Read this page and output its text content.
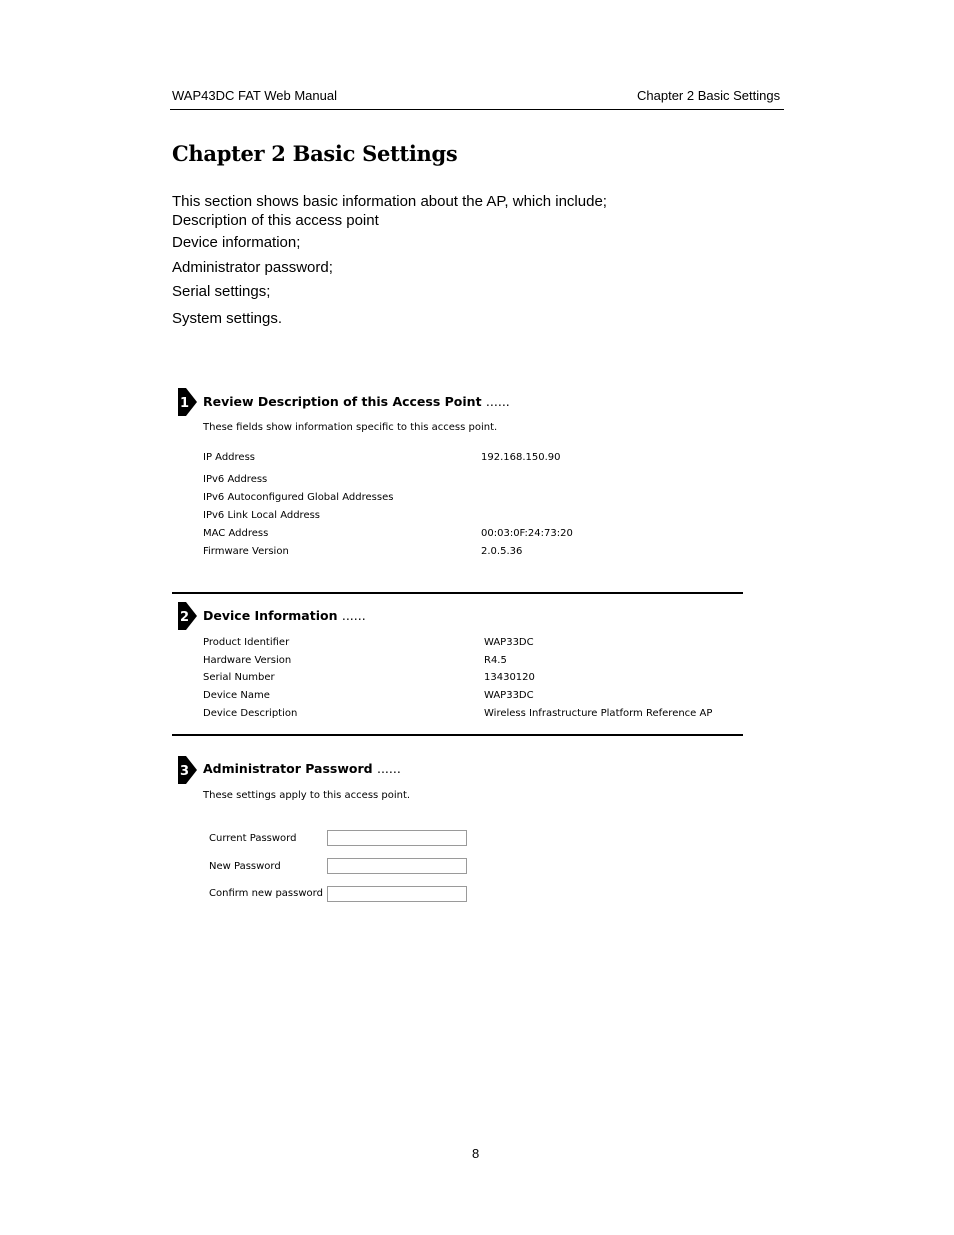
WAP43DC FAT Web Manual	Chapter 2 Basic Settings
Chapter 2 Basic Settings
This section shows basic information about the AP, which include;
Description of this access point
Device information;
Administrator password;
Serial settings;
System settings.
1 Review Description of this Access Point ......
These fields show information specific to this access point.
IP Address	192.168.150.90
IPv6 Address
IPv6 Autoconfigured Global Addresses
IPv6 Link Local Address
MAC Address	00:03:0F:24:73:20
Firmware Version	2.0.5.36
2 Device Information ......
Product Identifier	WAP33DC
Hardware Version	R4.5
Serial Number	13430120
Device Name	WAP33DC
Device Description	Wireless Infrastructure Platform Reference AP
3 Administrator Password ......
These settings apply to this access point.
Current Password
New Password
Confirm new password
8
